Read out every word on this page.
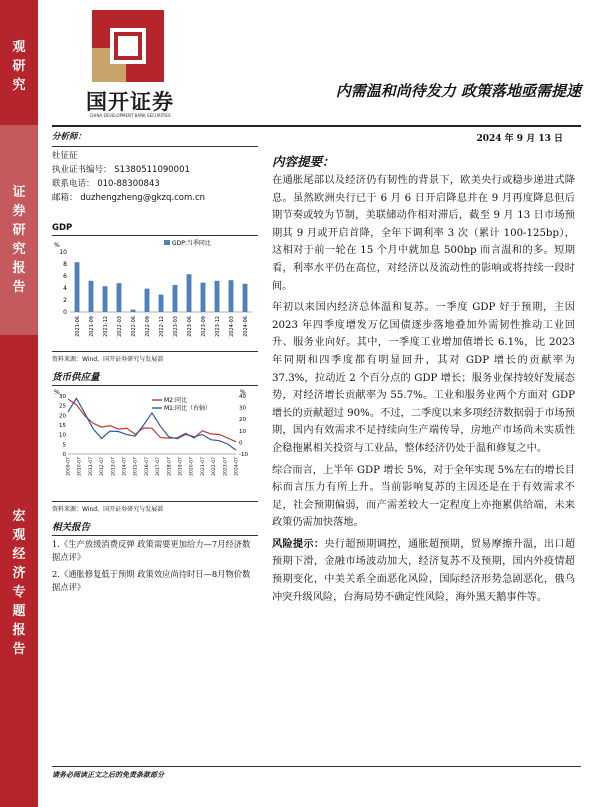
观
研
究
证
券
研
究
报
告
宏
观
经
济
专
题
报
告
国开证券
CHINA DEVELOPMENT BANK SECURITIES
内需温和尚待发力 政策落地亟需提速
2024 年 9 月 13 日
分析师：
杜征征
执业证书编号： S1380511090001
联系电话： 010-88300843
邮箱： duzhengzheng@gkzq.com.cn
GDP
%
0
2
4
6
8
10
2021-06 2021-09 2021-12 2022-03 2022-06 2022-09 2022-12 2023-03 2023-06 2023-09 2023-12 2024-03 2024-06
GDP:当季同比
资料来源：Wind，国开证券研究与发展部
货币供应量
%	%
0
5
10
15
20
25
30
-10
0
10
20
30
40
2009-07 2010-07 2011-07 2012-07 2013-07 2014-07 2015-07 2016-07 2017-07 2018-07 2019-07 2020-07 2021-07 2022-07 2023-07 2024-07
M2:同比
M1:同比（右轴）
资料来源：Wind，国开证券研究与发展部
相关报告
1.《生产放缓消费反弹 政策需要更加给力—7月经济数据点评》
2.《通胀修复低于预期 政策效应尚待时日—8月物价数据点评》
内容提要：

在通胀尾部以及经济仍有韧性的背景下，欧美央行或稳步递进式降息。虽然欧洲央行已于 6 月 6 日开启降息并在 9 月再度降息但后期节奏或较为节制，美联储动作相对滞后，截至 9 月 13 日市场预期其 9 月或开启首降，全年下调利率 3 次（累计 100-125bp），这相对于前一轮在 15 个月中就加息 500bp 而言温和的多。短期看，利率水平仍在高位，对经济以及流动性的影响或将持续一段时间。

年初以来国内经济总体温和复苏。一季度 GDP 好于预期，主因 2023 年四季度增发万亿国债逐步落地叠加外需韧性推动工业回升、服务业向好。其中，一季度工业增加值增长 6.1%，比 2023 年同期和四季度都有明显回升，其对 GDP 增长的贡献率为 37.3%，拉动近 2 个百分点的 GDP 增长；服务业保持较好发展态势，对经济增长贡献率为 55.7%。工业和服务业两个方面对 GDP 增长的贡献超过 90%。不过，二季度以来多项经济数据弱于市场预期，国内有效需求不足持续向生产端传导，房地产市场尚未实质性企稳拖累相关投资与工业品，整体经济仍处于温和修复之中。

综合而言，上半年 GDP 增长 5%，对于全年实现 5%左右的增长目标而言压力有所上升。当前影响复苏的主因还是在于有效需求不足，社会预期偏弱，而产需差较大一定程度上亦拖累供给端，未来政策仍需加快落地。

风险提示：央行超预期调控，通胀超预期，贸易摩擦升温，出口超预期下滑，金融市场波动加大，经济复苏不及预期，国内外疫情超预期变化，中美关系全面恶化风险，国际经济形势急剧恶化，俄乌冲突升级风险，台海局势不确定性风险，海外黑天鹅事件等。

请务必阅读正文之后的免责条款部分
